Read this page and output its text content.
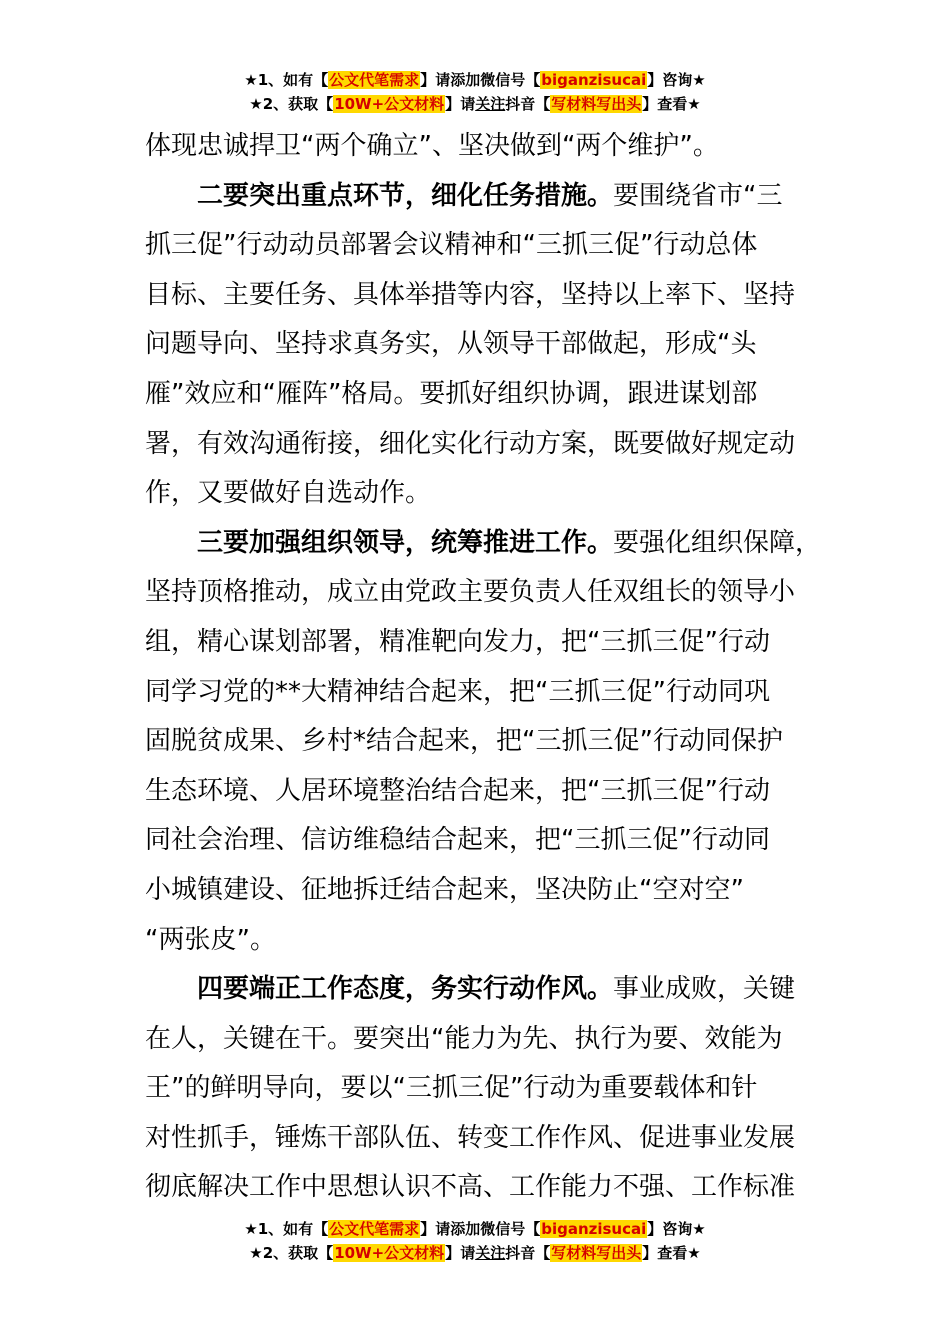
★1、如有【公文代笔需求】请添加微信号【biganzisucai】咨询★
★2、获取【10W+公文材料】请关注抖音【写材料写出头】查看★

体现忠诚捍卫“两个确立”、坚决做到“两个维护”。

二要突出重点环节，细化任务措施。要围绕省市“三
抓三促”行动动员部署会议精神和“三抓三促”行动总体
目标、主要任务、具体举措等内容，坚持以上率下、坚持
问题导向、坚持求真务实，从领导干部做起，形成“头
雁”效应和“雁阵”格局。要抓好组织协调，跟进谋划部
署，有效沟通衔接，细化实化行动方案，既要做好规定动
作，又要做好自选动作。

三要加强组织领导，统筹推进工作。要强化组织保障，
坚持顶格推动，成立由党政主要负责人任双组长的领导小
组，精心谋划部署，精准靶向发力，把“三抓三促”行动
同学习党的**大精神结合起来，把“三抓三促”行动同巩
固脱贫成果、乡村*结合起来，把“三抓三促”行动同保护
生态环境、人居环境整治结合起来，把“三抓三促”行动
同社会治理、信访维稳结合起来，把“三抓三促”行动同
小城镇建设、征地拆迁结合起来，坚决防止“空对空”
“两张皮”。

四要端正工作态度，务实行动作风。事业成败，关键
在人，关键在干。要突出“能力为先、执行为要、效能为
王”的鲜明导向，要以“三抓三促”行动为重要载体和针
对性抓手，锤炼干部队伍、转变工作作风、促进事业发展
彻底解决工作中思想认识不高、工作能力不强、工作标准

★1、如有【公文代笔需求】请添加微信号【biganzisucai】咨询★
★2、获取【10W+公文材料】请关注抖音【写材料写出头】查看★
